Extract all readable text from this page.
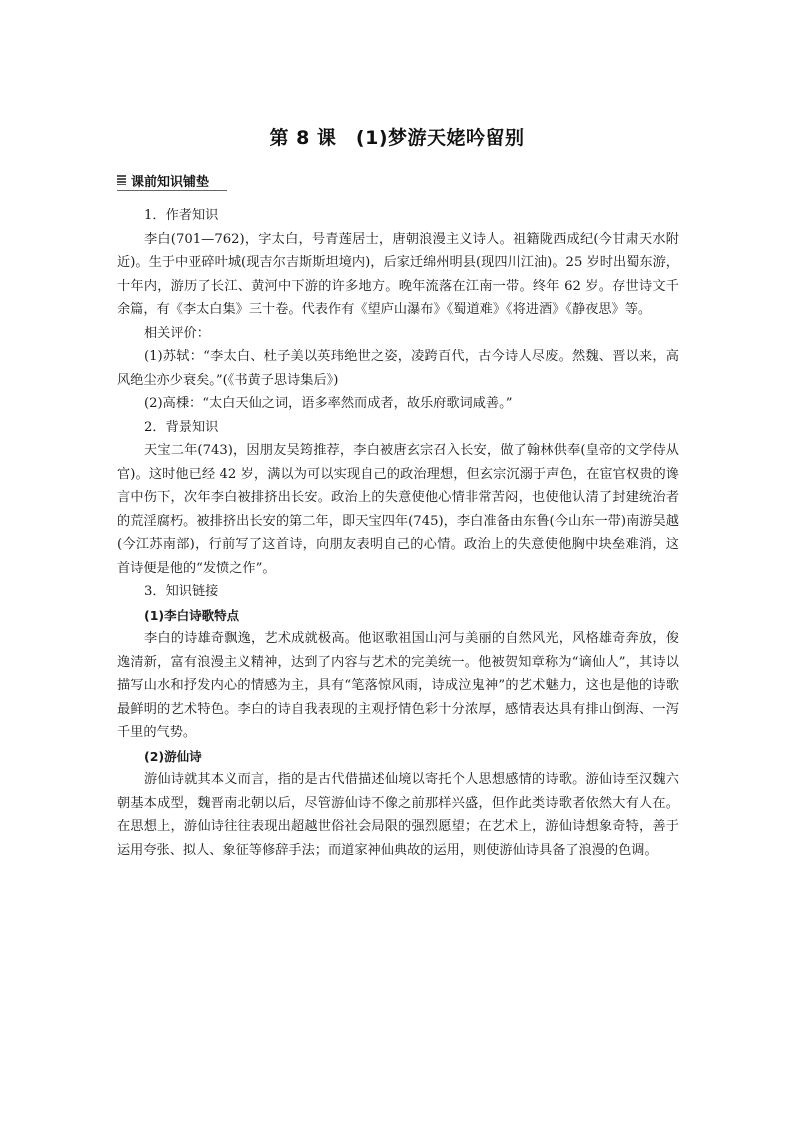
第 8 课　(1)梦游天姥吟留别
课前知识铺垫

1．作者知识

李白(701—762)，字太白，号青莲居士，唐朝浪漫主义诗人。祖籍陇西成纪(今甘肃天水附近)。生于中亚碎叶城(现吉尔吉斯斯坦境内)，后家迁绵州明县(现四川江油)。25 岁时出蜀东游，十年内，游历了长江、黄河中下游的许多地方。晚年流落在江南一带。终年 62 岁。存世诗文千余篇，有《李太白集》三十卷。代表作有《望庐山瀑布》《蜀道难》《将进酒》《静夜思》等。

相关评价：

(1)苏轼：“李太白、杜子美以英玮绝世之姿，凌跨百代，古今诗人尽废。然魏、晋以来，高风绝尘亦少衰矣。”(《书黄子思诗集后》)

(2)高棅：“太白天仙之词，语多率然而成者，故乐府歌词咸善。”

2．背景知识

天宝二年(743)，因朋友吴筠推荐，李白被唐玄宗召入长安，做了翰林供奉(皇帝的文学侍从官)。这时他已经 42 岁，满以为可以实现自己的政治理想，但玄宗沉溺于声色，在宦官权贵的谗言中伤下，次年李白被排挤出长安。政治上的失意使他心情非常苦闷，也使他认清了封建统治者的荒淫腐朽。被排挤出长安的第二年，即天宝四年(745)，李白准备由东鲁(今山东一带)南游吴越(今江苏南部)，行前写了这首诗，向朋友表明自己的心情。政治上的失意使他胸中块垒难消，这首诗便是他的“发愤之作”。

3．知识链接

(1)李白诗歌特点

李白的诗雄奇飘逸，艺术成就极高。他讴歌祖国山河与美丽的自然风光，风格雄奇奔放，俊逸清新，富有浪漫主义精神，达到了内容与艺术的完美统一。他被贺知章称为“谪仙人”，其诗以描写山水和抒发内心的情感为主，具有“笔落惊风雨，诗成泣鬼神”的艺术魅力，这也是他的诗歌最鲜明的艺术特色。李白的诗自我表现的主观抒情色彩十分浓厚，感情表达具有排山倒海、一泻千里的气势。

(2)游仙诗

游仙诗就其本义而言，指的是古代借描述仙境以寄托个人思想感情的诗歌。游仙诗至汉魏六朝基本成型，魏晋南北朝以后，尽管游仙诗不像之前那样兴盛，但作此类诗歌者依然大有人在。在思想上，游仙诗往往表现出超越世俗社会局限的强烈愿望；在艺术上，游仙诗想象奇特，善于运用夸张、拟人、象征等修辞手法；而道家神仙典故的运用，则使游仙诗具备了浪漫的色调。
